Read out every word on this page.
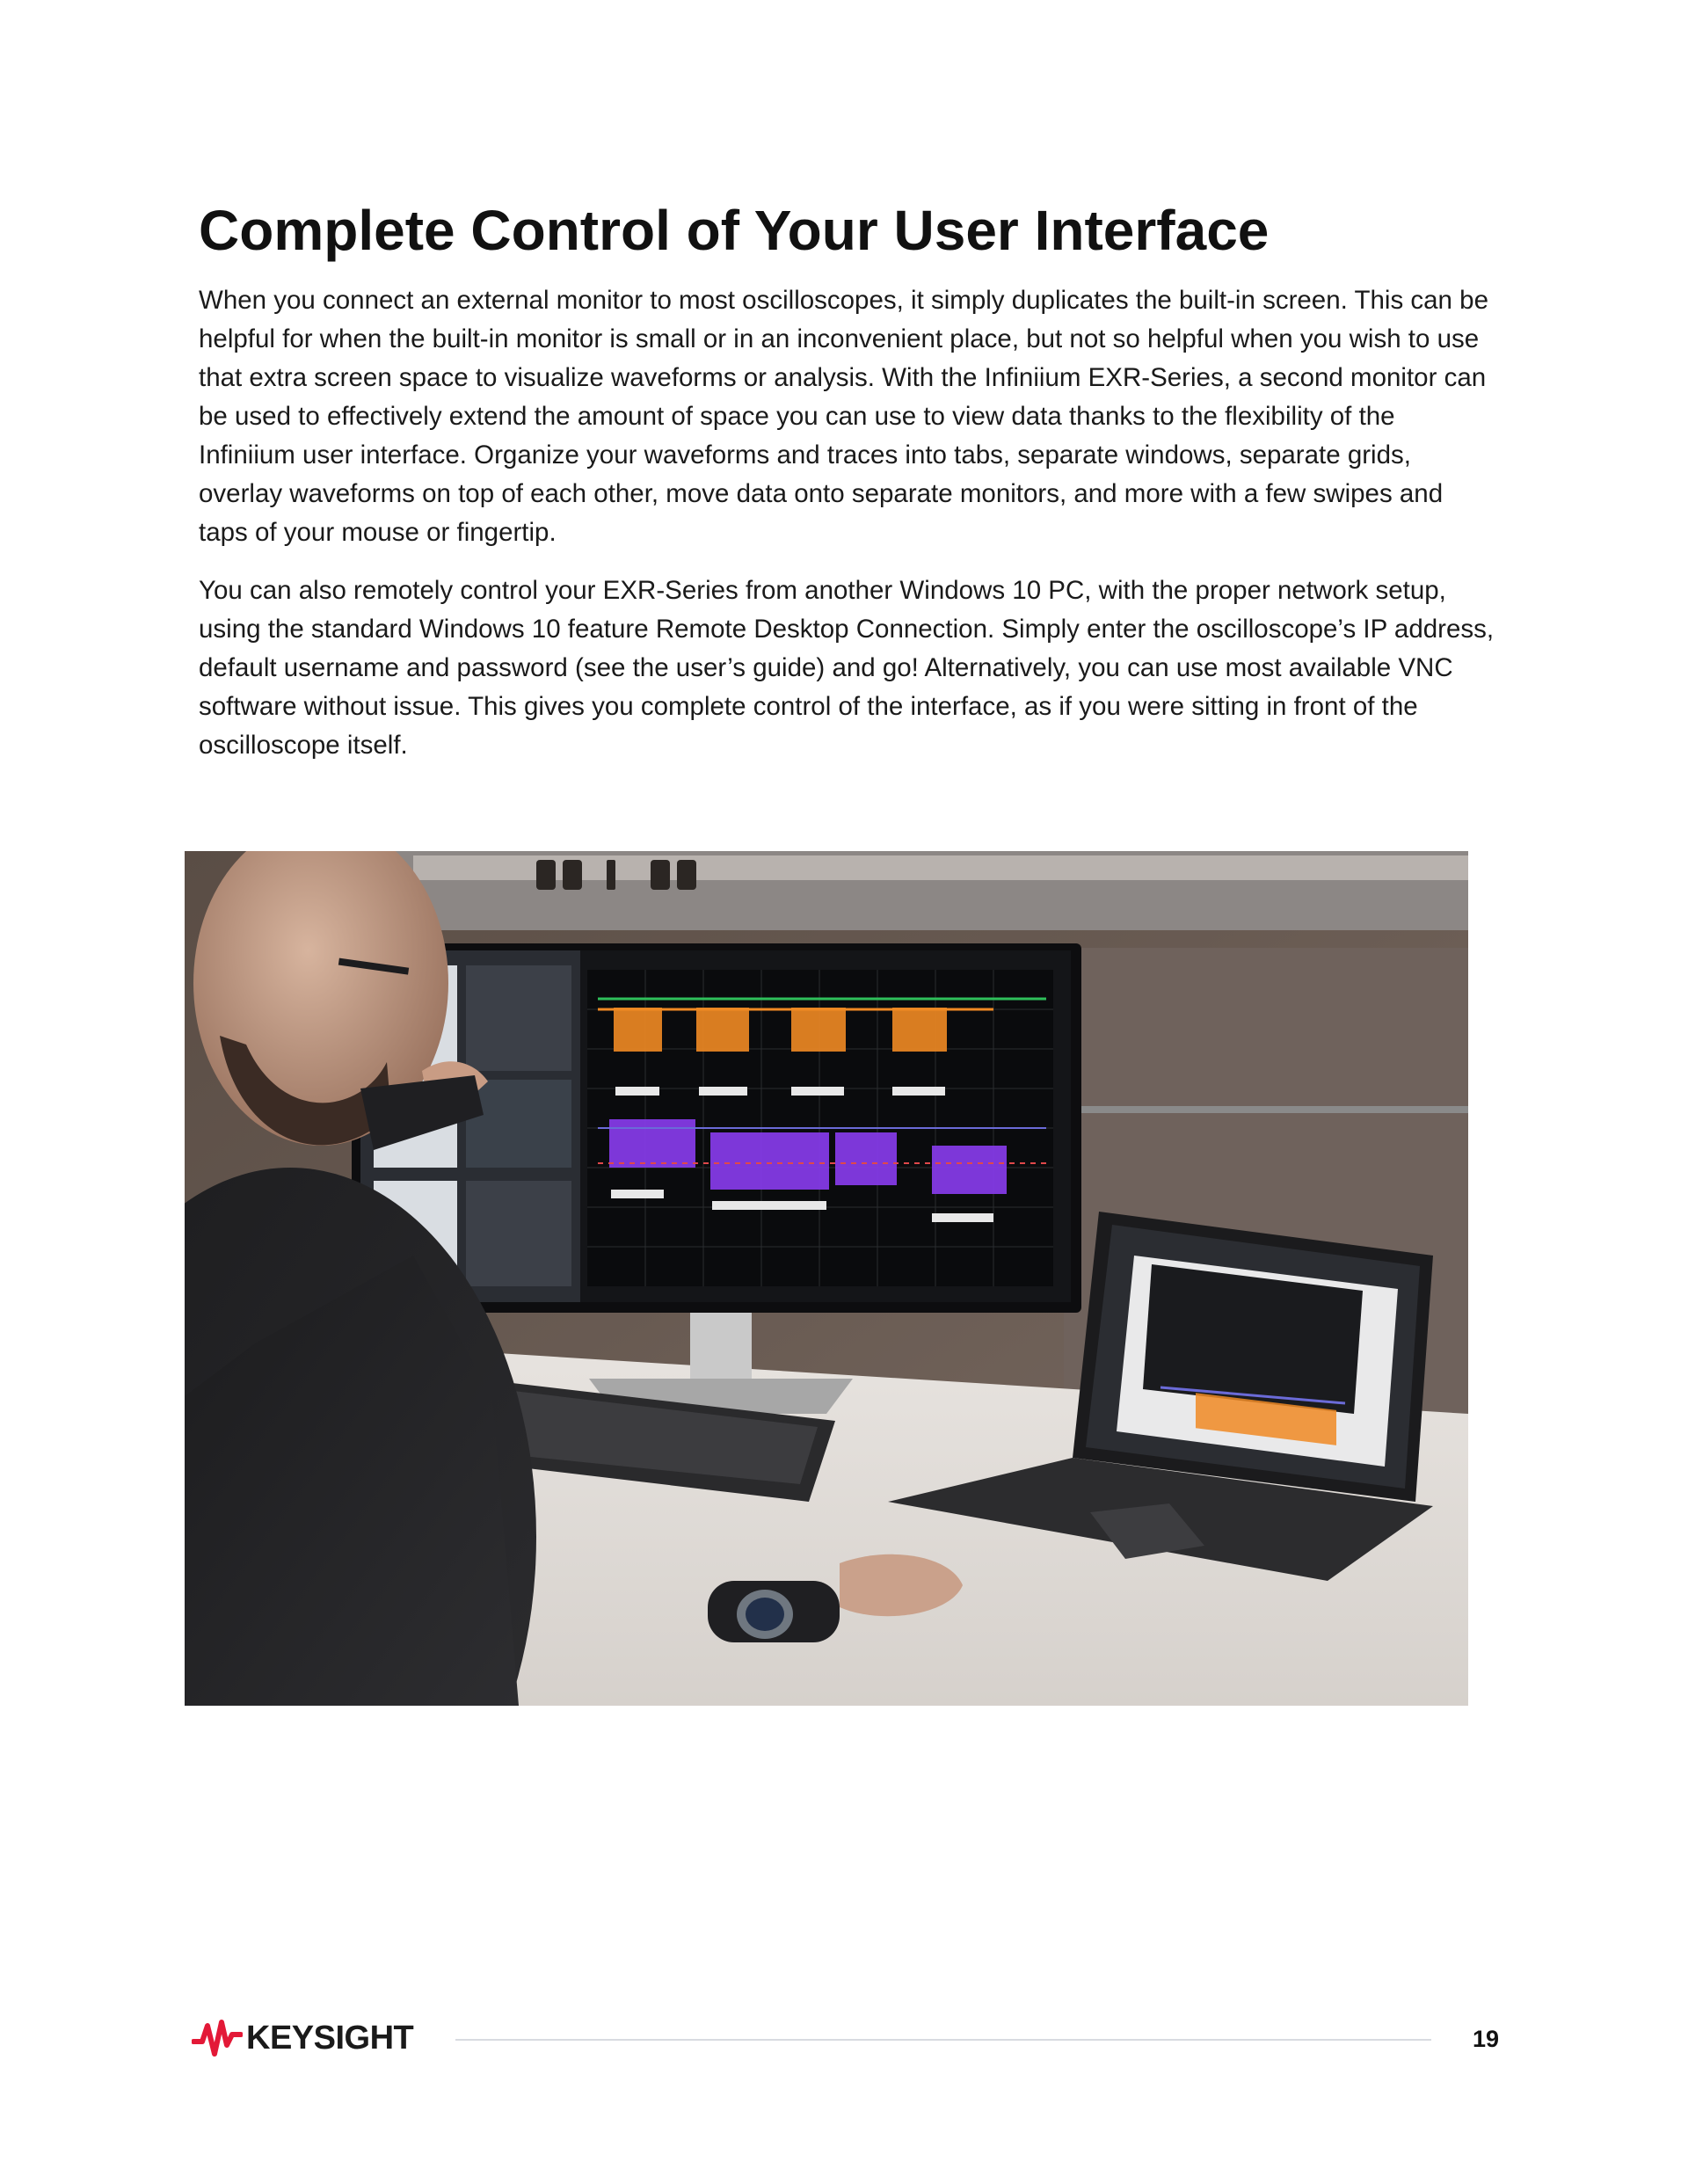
Complete Control of Your User Interface

When you connect an external monitor to most oscilloscopes, it simply duplicates the built-in screen. This can be helpful for when the built-in monitor is small or in an inconvenient place, but not so helpful when you wish to use that extra screen space to visualize waveforms or analysis. With the Infiniium EXR-Series, a second monitor can be used to effectively extend the amount of space you can use to view data thanks to the flexibility of the Infiniium user interface. Organize your waveforms and traces into tabs, separate windows, separate grids, overlay waveforms on top of each other, move data onto separate monitors, and more with a few swipes and taps of your mouse or fingertip.

You can also remotely control your EXR-Series from another Windows 10 PC, with the proper network setup, using the standard Windows 10 feature Remote Desktop Connection. Simply enter the oscilloscope’s IP address, default username and password (see the user’s guide) and go! Alternatively, you can use most available VNC software without issue. This gives you complete control of the interface, as if you were sitting in front of the oscilloscope itself.

KEYSIGHT	19
